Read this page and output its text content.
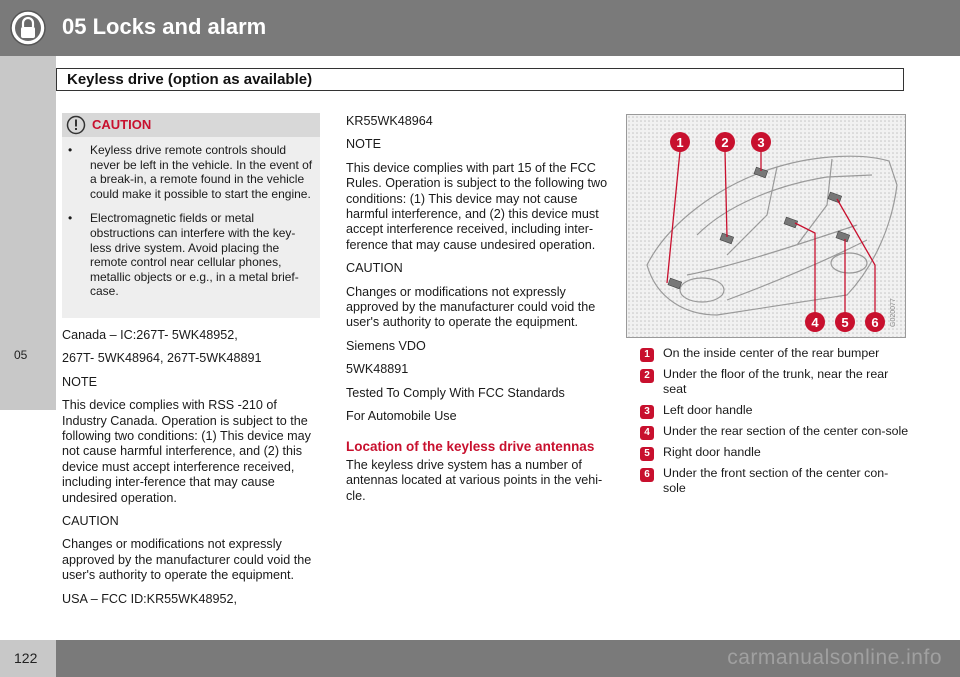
05 Locks and alarm
Keyless drive (option as available)
05
CAUTION
• Keyless drive remote controls should never be left in the vehicle. In the event of a break-in, a remote found in the vehicle could make it possible to start the engine.
• Electromagnetic fields or metal obstructions can interfere with the key-less drive system. Avoid placing the remote control near cellular phones, metallic objects or e.g., in a metal brief-case.

Canada – IC:267T- 5WK48952,

267T- 5WK48964, 267T-5WK48891

NOTE

This device complies with RSS -210 of Industry Canada. Operation is subject to the following two conditions: (1) This device may not cause harmful interference, and (2) this device must accept interference received, including inter-ference that may cause undesired operation.

CAUTION

Changes or modifications not expressly approved by the manufacturer could void the user's authority to operate the equipment.

USA – FCC ID:KR55WK48952,

KR55WK48964

NOTE

This device complies with part 15 of the FCC Rules. Operation is subject to the following two conditions: (1) This device may not cause harmful interference, and (2) this device must accept interference received, including inter-ference that may cause undesired operation.

CAUTION

Changes or modifications not expressly approved by the manufacturer could void the user's authority to operate the equipment.

Siemens VDO

5WK48891

Tested To Comply With FCC Standards

For Automobile Use

Location of the keyless drive antennas

The keyless drive system has a number of antennas located at various points in the vehi-cle.

1	2 3
4 5 6 G020077
1	On the inside center of the rear bumper
2	Under the floor of the trunk, near the rear seat
3	Left door handle
4	Under the rear section of the center con-sole
5	Right door handle
6	Under the front section of the center con-sole
122	carmanualsonline.info
